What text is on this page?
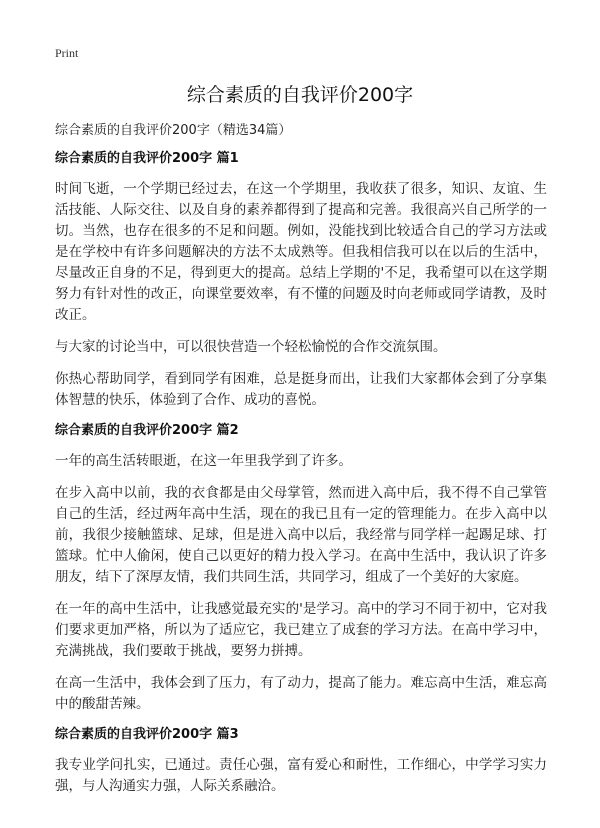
Print
综合素质的自我评价200字
综合素质的自我评价200字（精选34篇）
综合素质的自我评价200字 篇1

时间飞逝，一个学期已经过去，在这一个学期里，我收获了很多，知识、友谊、生活技能、人际交往、以及自身的素养都得到了提高和完善。我很高兴自己所学的一切。当然，也存在很多的不足和问题。例如，没能找到比较适合自己的学习方法或是在学校中有许多问题解决的方法不太成熟等。但我相信我可以在以后的生活中，尽量改正自身的不足，得到更大的提高。总结上学期的'不足，我希望可以在这学期努力有针对性的改正，向课堂要效率，有不懂的问题及时向老师或同学请教，及时改正。

与大家的讨论当中，可以很快营造一个轻松愉悦的合作交流氛围。

你热心帮助同学，看到同学有困难，总是挺身而出，让我们大家都体会到了分享集体智慧的快乐，体验到了合作、成功的喜悦。

综合素质的自我评价200字 篇2

一年的高生活转眼逝，在这一年里我学到了许多。

在步入高中以前，我的衣食都是由父母掌管，然而进入高中后，我不得不自己掌管自己的生活，经过两年高中生活，现在的我已且有一定的管理能力。在步入高中以前，我很少接触篮球、足球，但是进入高中以后，我经常与同学样一起踢足球、打篮球。忙中人偷闲，使自己以更好的精力投入学习。在高中生活中，我认识了许多朋友，结下了深厚友情，我们共同生活，共同学习，组成了一个美好的大家庭。

在一年的高中生活中，让我感觉最充实的'是学习。高中的学习不同于初中，它对我们要求更加严格，所以为了适应它，我已建立了成套的学习方法。在高中学习中，充满挑战，我们要敢于挑战，要努力拼搏。

在高一生活中，我体会到了压力，有了动力，提高了能力。难忘高中生活，难忘高中的酸甜苦辣。

综合素质的自我评价200字 篇3

我专业学问扎实，已通过。责任心强，富有爱心和耐性，工作细心，中学学习实力强，与人沟通实力强，人际关系融洽。
